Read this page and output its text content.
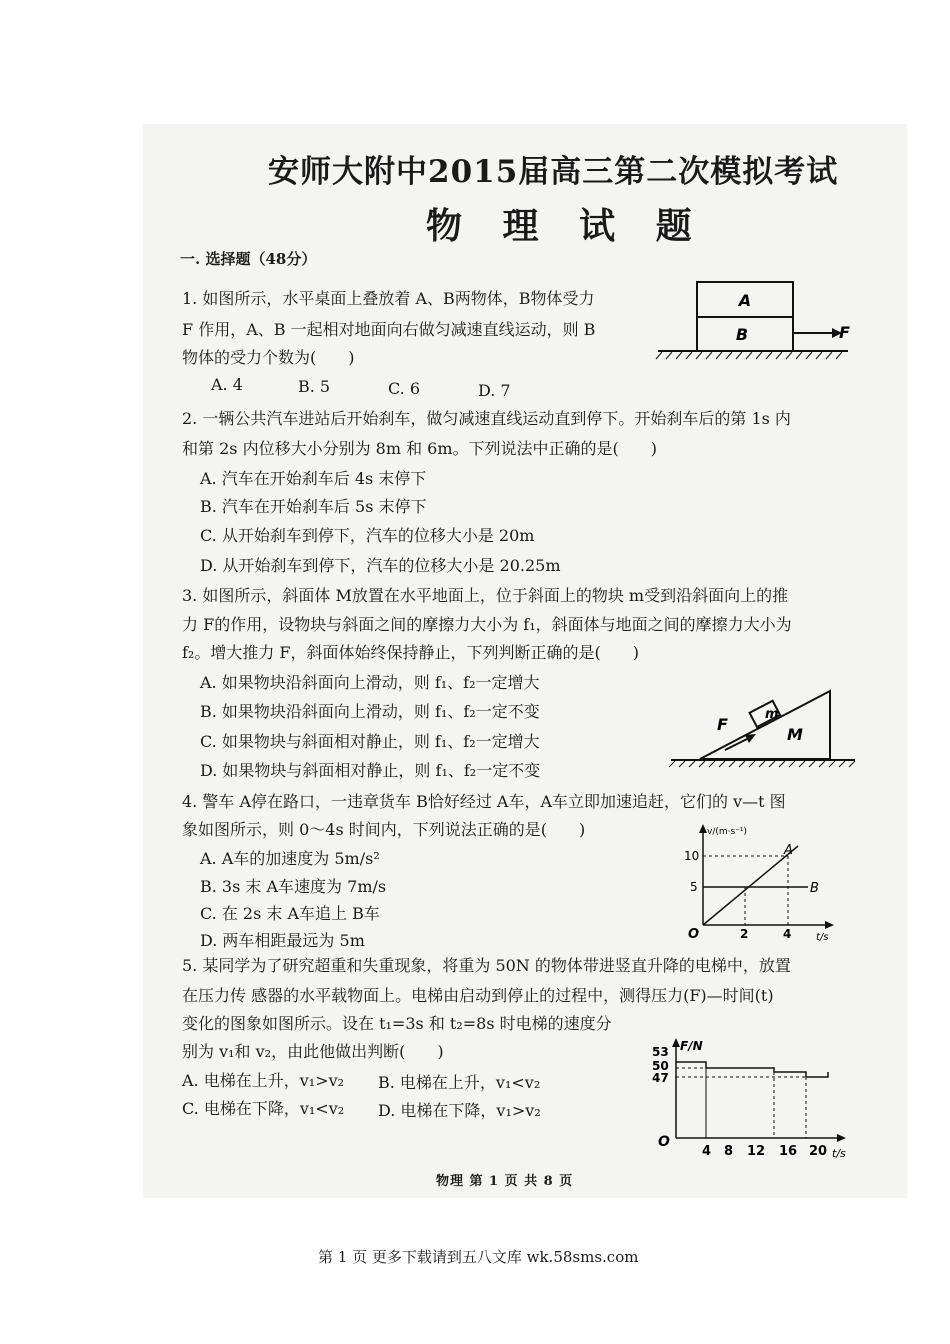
安师大附中2015届高三第二次模拟考试
物 理 试 题
一. 选择题（48分）
1. 如图所示，水平桌面上叠放着 A、B两物体，B物体受力
F 作用，A、B 一起相对地面向右做匀减速直线运动，则 B
物体的受力个数为(　　)
A. 4	B. 5	C. 6	D. 7
2. 一辆公共汽车进站后开始刹车，做匀减速直线运动直到停下。开始刹车后的第 1s 内
和第 2s 内位移大小分别为 8m 和 6m。下列说法中正确的是(　　)
A. 汽车在开始刹车后 4s 末停下
B. 汽车在开始刹车后 5s 末停下
C. 从开始刹车到停下，汽车的位移大小是 20m
D. 从开始刹车到停下，汽车的位移大小是 20.25m
3. 如图所示，斜面体 M放置在水平地面上，位于斜面上的物块 m受到沿斜面向上的推
力 F的作用，设物块与斜面之间的摩擦力大小为 f₁，斜面体与地面之间的摩擦力大小为
f₂。增大推力 F，斜面体始终保持静止，下列判断正确的是(　　)
A. 如果物块沿斜面向上滑动，则 f₁、f₂一定增大
B. 如果物块沿斜面向上滑动，则 f₁、f₂一定不变
C. 如果物块与斜面相对静止，则 f₁、f₂一定增大
D. 如果物块与斜面相对静止，则 f₁、f₂一定不变
4. 警车 A停在路口，一违章货车 B恰好经过 A车，A车立即加速追赶，它们的 v—t 图
象如图所示，则 0～4s 时间内，下列说法正确的是(　　)
A. A车的加速度为 5m/s²
B. 3s 末 A车速度为 7m/s
C. 在 2s 末 A车追上 B车
D. 两车相距最远为 5m
5. 某同学为了研究超重和失重现象，将重为 50N 的物体带进竖直升降的电梯中，放置
在压力传 感器的水平载物面上。电梯由启动到停止的过程中，测得压力(F)—时间(t)
变化的图象如图所示。设在 t₁=3s 和 t₂=8s 时电梯的速度分
别为 v₁和 v₂，由此他做出判断(　　)
A. 电梯在上升，v₁>v₂ B. 电梯在上升，v₁<v₂
C. 电梯在下降，v₁<v₂ D. 电梯在下降，v₁>v₂
A
B	F
F
m
M
v/(m·s⁻¹)
10
5
O	2	4 t/s
A
B
F/N
53
50
47
O
4 8 12 16 20 t/s
物理 第 1 页 共 8 页
第 1 页 更多下载请到五八文库 wk.58sms.com
